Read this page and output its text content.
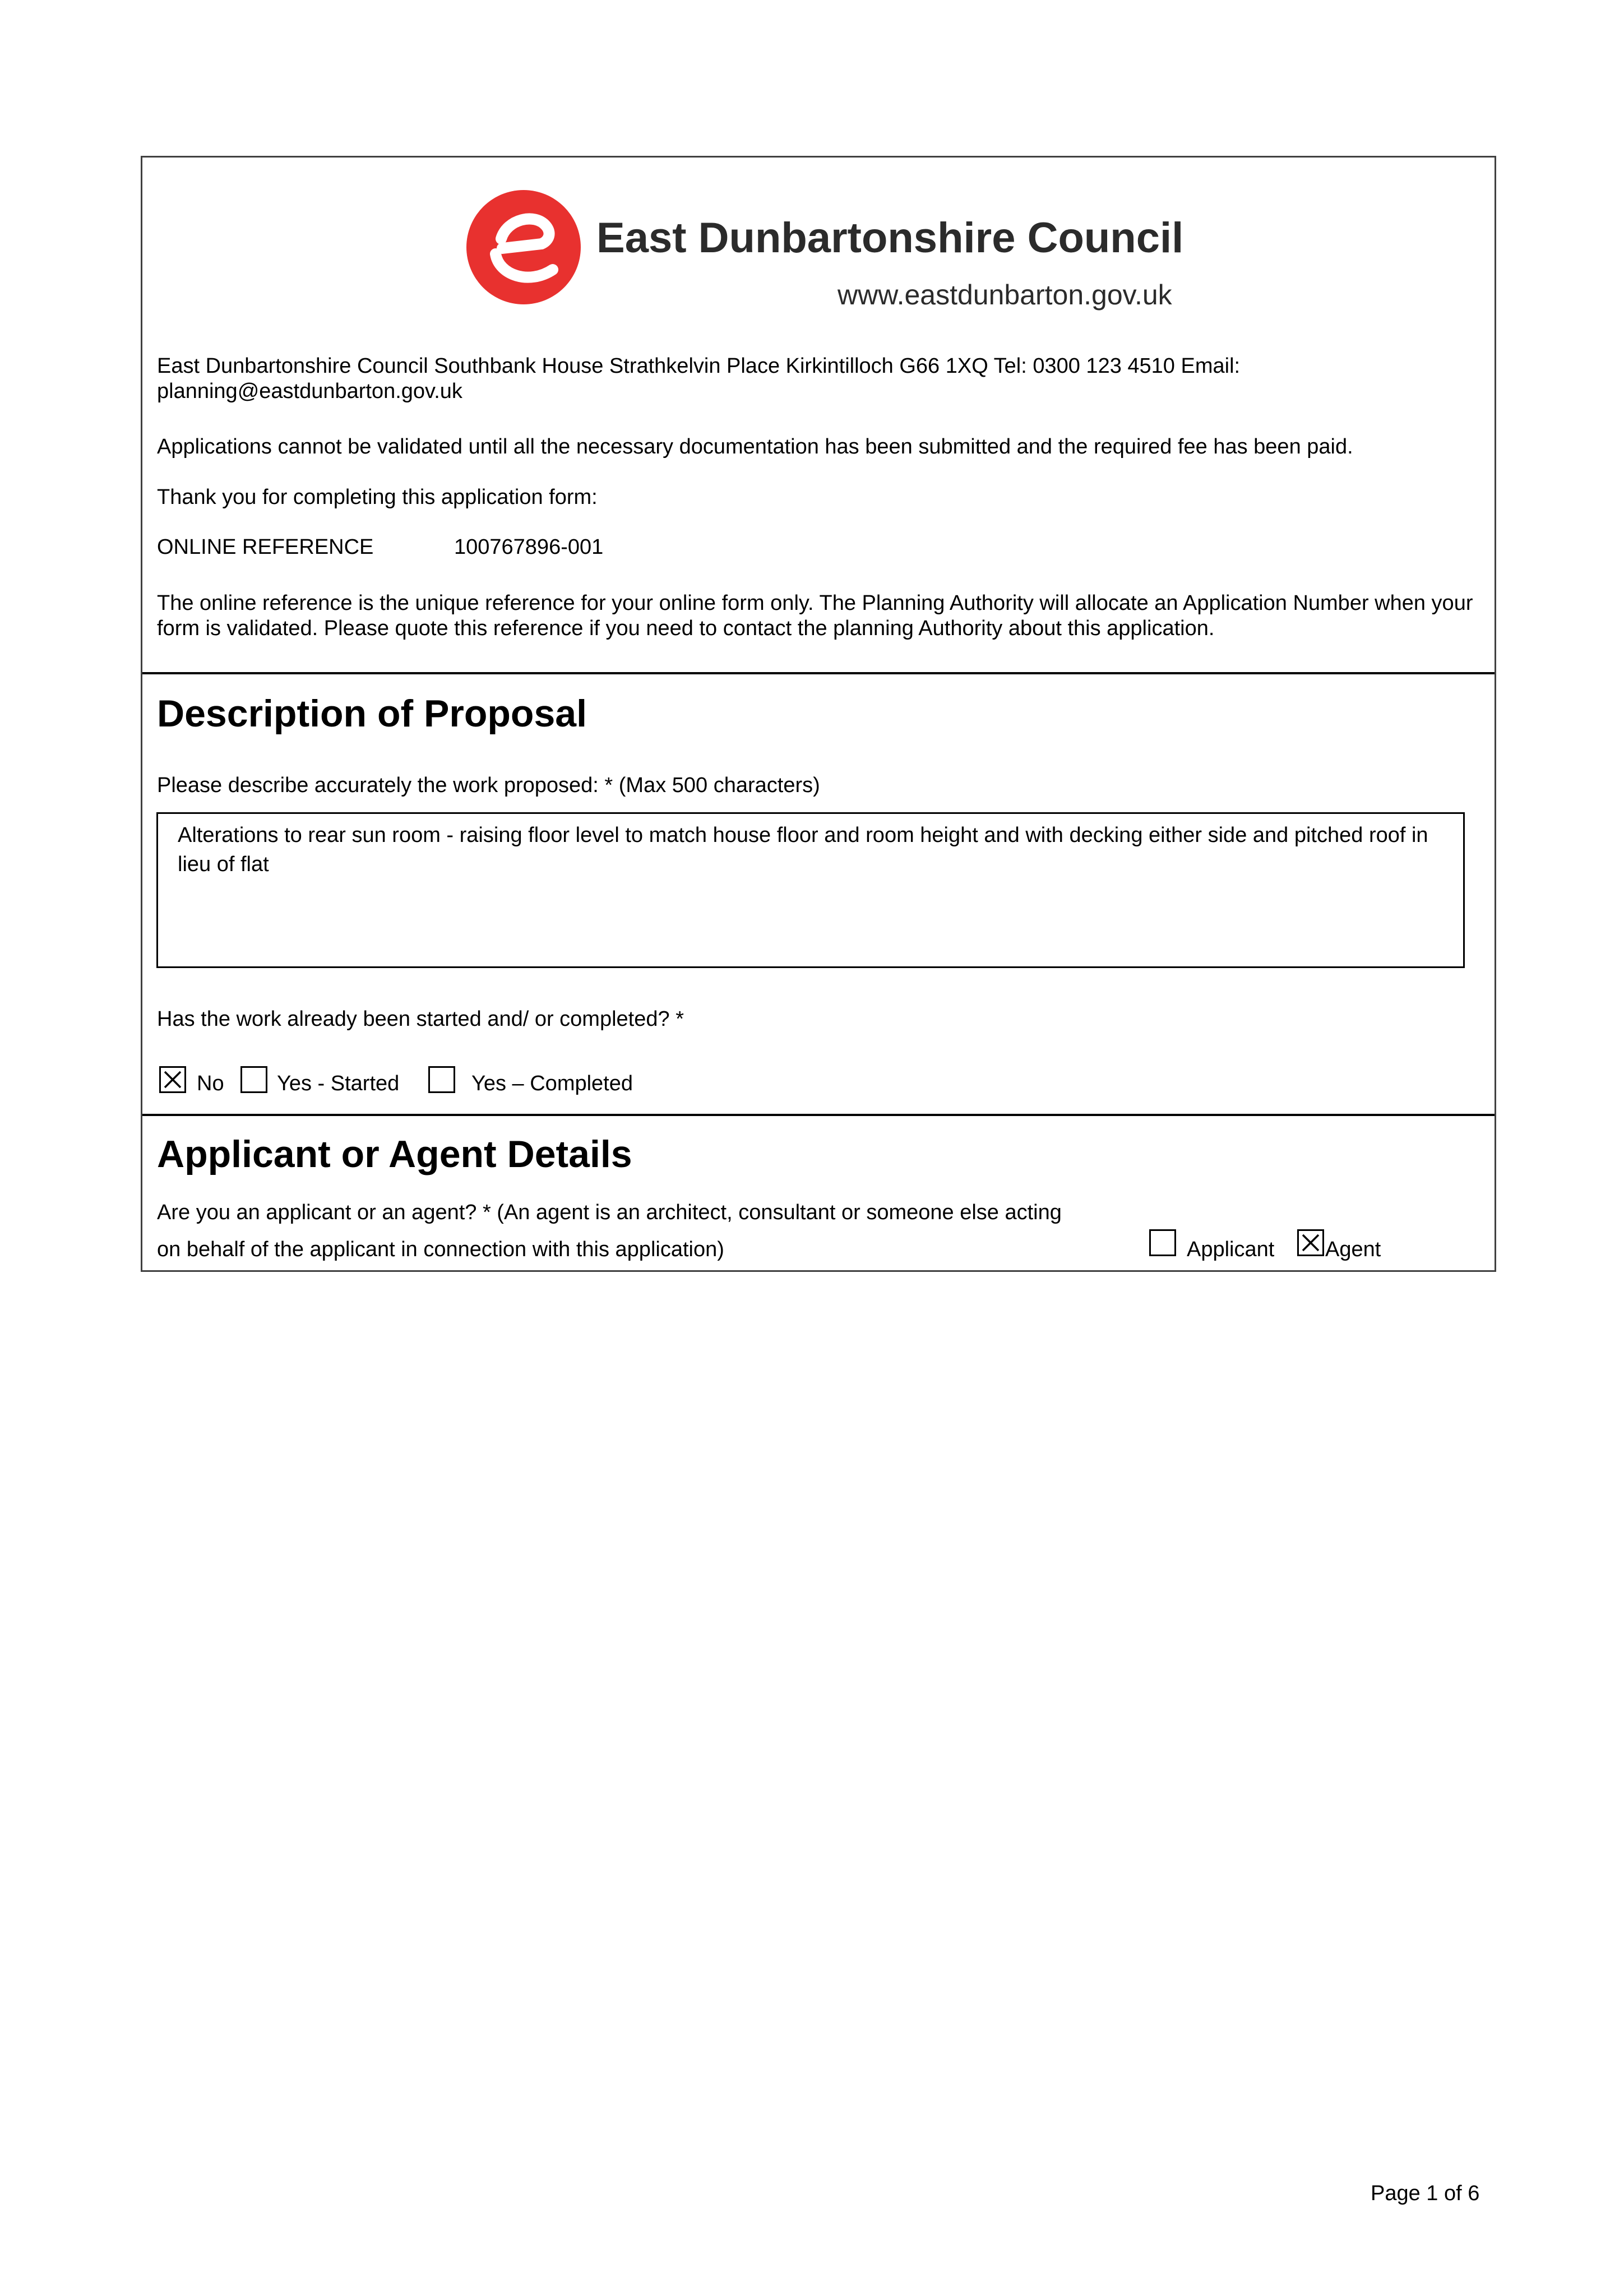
East Dunbartonshire Council
www.eastdunbarton.gov.uk
East Dunbartonshire Council Southbank House Strathkelvin Place Kirkintilloch G66 1XQ Tel: 0300 123 4510 Email: planning@eastdunbarton.gov.uk
Applications cannot be validated until all the necessary documentation has been submitted and the required fee has been paid.
Thank you for completing this application form:
ONLINE REFERENCE	100767896-001
The online reference is the unique reference for your online form only. The Planning Authority will allocate an Application Number when your form is validated. Please quote this reference if you need to contact the planning Authority about this application.
Description of Proposal
Please describe accurately the work proposed: * (Max 500 characters)
Alterations to rear sun room - raising floor level to match house floor and room height and with decking either side and pitched roof in lieu of flat
Has the work already been started and/ or completed? *
No Yes - Started	Yes – Completed
Applicant or Agent Details
Are you an applicant or an agent? * (An agent is an architect, consultant or someone else acting
on behalf of the applicant in connection with this application)	Applicant Agent
Page 1 of 6
